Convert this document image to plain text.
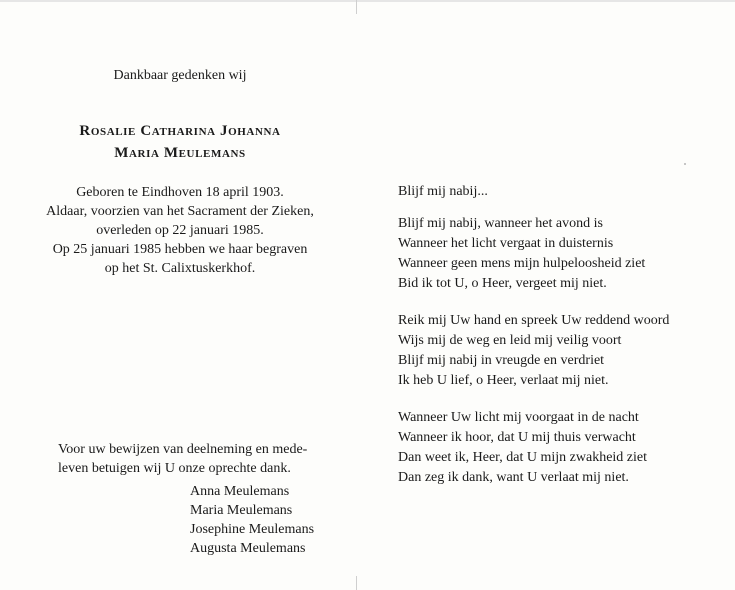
Dankbaar gedenken wij
Rosalie Catharina Johanna
Maria Meulemans
Geboren te Eindhoven 18 april 1903.
Aldaar, voorzien van het Sacrament der Zieken,
overleden op 22 januari 1985.
Op 25 januari 1985 hebben we haar begraven
op het St. Calixtuskerkhof.
Voor uw bewijzen van deelneming en mede-
leven betuigen wij U onze oprechte dank.
Anna Meulemans
Maria Meulemans
Josephine Meulemans
Augusta Meulemans
Blijf mij nabij...
Blijf mij nabij, wanneer het avond is
Wanneer het licht vergaat in duisternis
Wanneer geen mens mijn hulpeloosheid ziet
Bid ik tot U, o Heer, vergeet mij niet.
Reik mij Uw hand en spreek Uw reddend woord
Wijs mij de weg en leid mij veilig voort
Blijf mij nabij in vreugde en verdriet
Ik heb U lief, o Heer, verlaat mij niet.
Wanneer Uw licht mij voorgaat in de nacht
Wanneer ik hoor, dat U mij thuis verwacht
Dan weet ik, Heer, dat U mijn zwakheid ziet
Dan zeg ik dank, want U verlaat mij niet.
